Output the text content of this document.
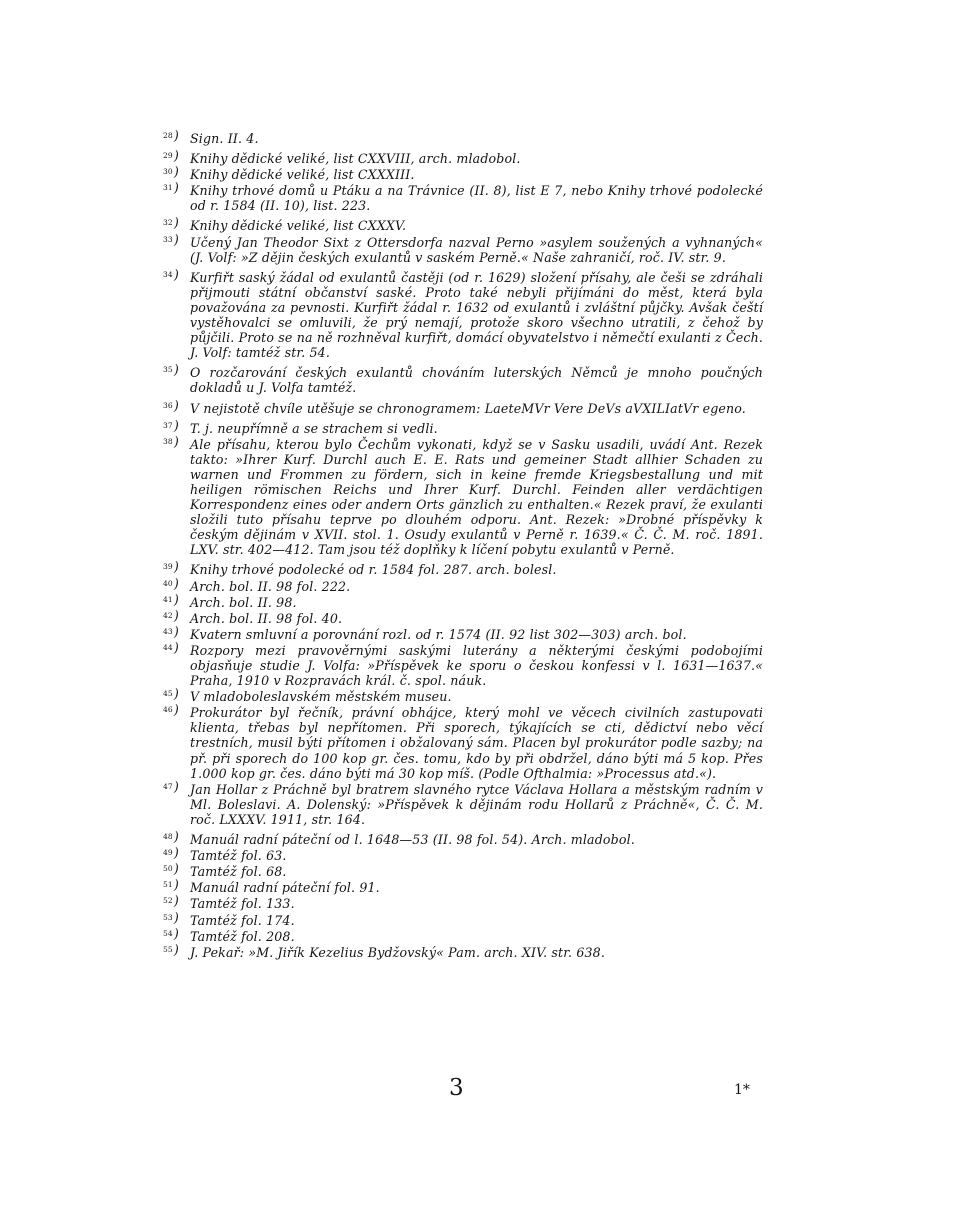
28 )	Sign. II. 4.
29 )	Knihy dědické veliké, list CXXVIII, arch. mladobol.
30 )	Knihy dědické veliké, list CXXXIII.
31 )	Knihy trhové domů u Ptáku a na Trávnice (II. 8), list E 7, nebo Knihy trhové podolecké od r. 1584 (II. 10), list. 223.
32 )	Knihy dědické veliké, list CXXXV.
33 )	Učený Jan Theodor Sixt z Ottersdorfa nazval Perno »asylem soužených a vyhnaných« (J. Volf: »Z dějin českých exulantů v saském Perně.« Naše zahraničí, roč. IV. str. 9.
34 )	Kurfiřt saský žádal od exulantů častěji (od r. 1629) složení přísahy, ale češi se zdráhali přijmouti státní občanství saské. Proto také nebyli přijímáni do měst, která byla považována za pevnosti. Kurfiřt žádal r. 1632 od exulantů i zvláštní půjčky. Avšak čeští vystěhovalci se omluvili, že prý nemají, protože skoro všechno utratili, z čehož by půjčili. Proto se na ně rozhněval kurfiřt, domácí obyvatelstvo i němečtí exulanti z Čech. J. Volf: tamtéž str. 54.
35 )	O rozčarování českých exulantů chováním luterských Němců je mnoho poučných dokladů u J. Volfa tamtéž.
36 )	V nejistotě chvíle utěšuje se chronogramem: LaeteMVr Vere DeVs aVXILIatVr egeno.
37 )	T. j. neupřímně a se strachem si vedli.
38 )	Ale přísahu, kterou bylo Čechům vykonati, když se v Sasku usadili, uvádí Ant. Rezek takto: »Ihrer Kurf. Durchl auch E. E. Rats und gemeiner Stadt allhier Schaden zu warnen und Frommen zu fördern, sich in keine fremde Kriegsbestallung und mit heiligen römischen Reichs und Ihrer Kurf. Durchl. Feinden aller verdächtigen Korrespondenz eines oder andern Orts gänzlich zu enthalten.« Rezek praví, že exulanti složili tuto přísahu teprve po dlouhém odporu. Ant. Rezek: »Drobné příspěvky k českým dějinám v XVII. stol. 1. Osudy exulantů v Perně r. 1639.« Č. Č. M. roč. 1891. LXV. str. 402—412. Tam jsou též doplňky k líčení pobytu exulantů v Perně.
39 )	Knihy trhové podolecké od r. 1584 fol. 287. arch. bolesl.
40 )	Arch. bol. II. 98 fol. 222.
41 )	Arch. bol. II. 98.
42 )	Arch. bol. II. 98 fol. 40.
43 )	Kvatern smluvní a porovnání rozl. od r. 1574 (II. 92 list 302—303) arch. bol.
44 )	Rozpory mezi pravověrnými saskými luterány a některými českými podobojími objasňuje studie J. Volfa: »Příspěvek ke sporu o českou konfessi v l. 1631—1637.« Praha, 1910 v Rozpravách král. č. spol. náuk.
45 )	V mladoboleslavském městském museu.
46 )	Prokurátor byl řečník, právní obhájce, který mohl ve věcech civilních zastupovati klienta, třebas byl nepřítomen. Při sporech, týkajících se cti, dědictví nebo věcí trestních, musil býti přítomen i obžalovaný sám. Placen byl prokurátor podle sazby; na př. při sporech do 100 kop gr. čes. tomu, kdo by při obdržel, dáno býti má 5 kop. Přes 1.000 kop gr. čes. dáno býti má 30 kop míš. (Podle Ofthalmia: »Processus atd.«).
47 )	Jan Hollar z Práchně byl bratrem slavného rytce Václava Hollara a městským radním v Ml. Boleslavi. A. Dolenský: »Příspěvek k dějinám rodu Hollarů z Práchně«, Č. Č. M. roč. LXXXV. 1911, str. 164.
48 )	Manuál radní páteční od l. 1648—53 (II. 98 fol. 54). Arch. mladobol.
49 )	Tamtéž fol. 63.
50 )	Tamtéž fol. 68.
51 )	Manuál radní páteční fol. 91.
52 )	Tamtéž fol. 133.
53 )	Tamtéž fol. 174.
54 )	Tamtéž fol. 208.
55 )	J. Pekař: »M. Jiřík Kezelius Bydžovský« Pam. arch. XIV. str. 638.
3	1*
